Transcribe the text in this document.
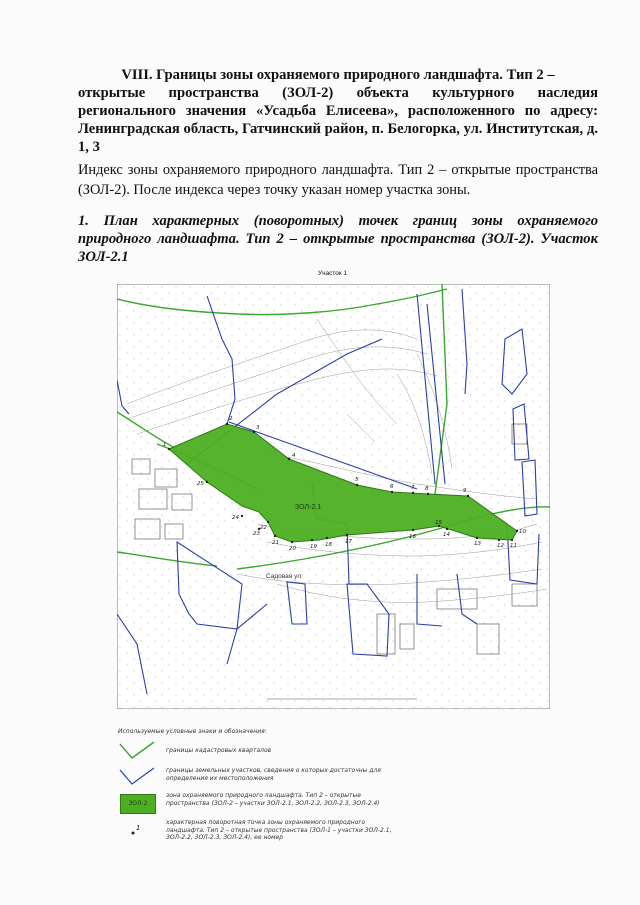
VIII. Границы зоны охраняемого природного ландшафта. Тип 2 –
открытые пространства (ЗОЛ-2) объекта культурного наследия регионального значения «Усадьба Елисеева», расположенного по адресу: Ленинградская область, Гатчинский район, п. Белогорка, ул. Институтская, д. 1, 3
Индекс зоны охраняемого природного ландшафта. Тип 2 – открытые пространства (ЗОЛ-2). После индекса через точку указан номер участка зоны.
1. План характерных (поворотных) точек границ зоны охраняемого природного ландшафта. Тип 2 – открытые пространства (ЗОЛ-2). Участок ЗОЛ-2.1
Участок 1
ЗОЛ-2.1
Садовая ул.
1
2
3
4
5
6	7 8	9
10
11
12
13
14
15
16
17
18
19
20
21
22
23
24
25
Используемые условные знаки и обозначения:
границы кадастровых кварталов
границы земельных участков, сведения о которых достаточны для определения их местоположения
ЗОЛ-2
зона охраняемого природного ландшафта. Тип 2 – открытые пространства (ЗОЛ-2 – участки ЗОЛ-2.1, ЗОЛ-2.2, ЗОЛ-2.3, ЗОЛ-2.4)
1
характерная поворотная точка зоны охраняемого природного ландшафта. Тип 2 – открытые пространства (ЗОЛ-1 – участки ЗОЛ-2.1, ЗОЛ-2.2, ЗОЛ-2.3, ЗОЛ-2.4), ее номер
